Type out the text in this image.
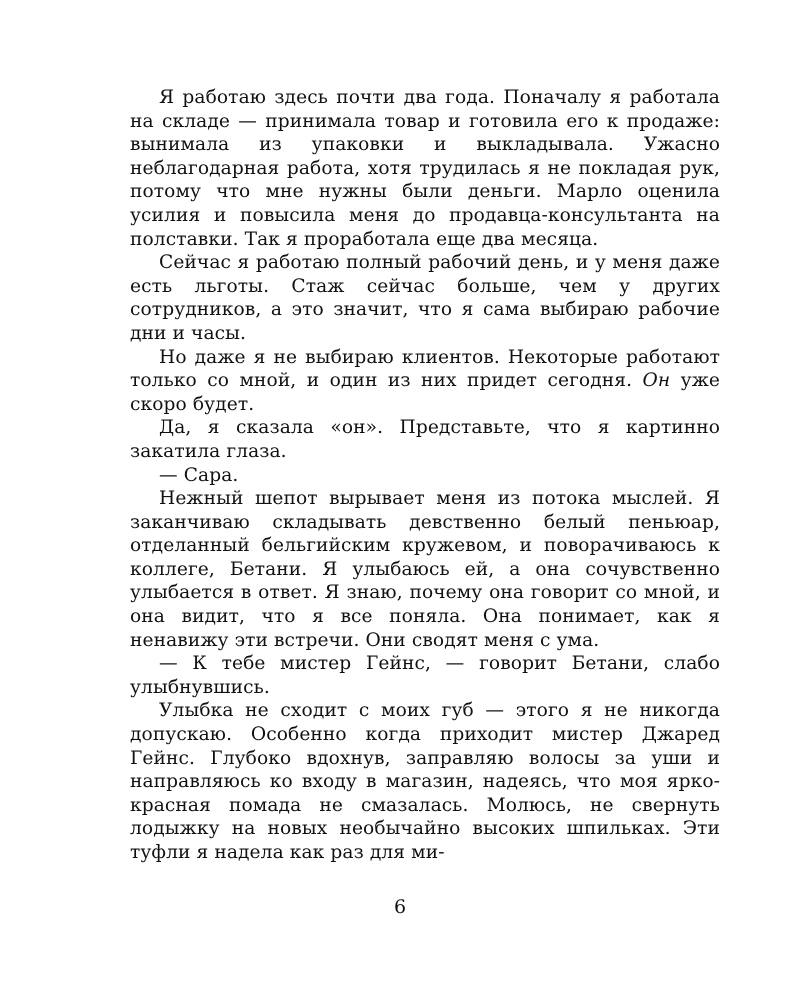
Я работаю здесь почти два года. Поначалу я работала на складе — принимала товар и готовила его к продаже: вынимала из упаковки и выкладывала. Ужасно неблагодарная работа, хотя трудилась я не покладая рук, потому что мне нужны были деньги. Марло оценила усилия и повысила меня до продавца-консультанта на полставки. Так я проработала еще два месяца.

Сейчас я работаю полный рабочий день, и у меня даже есть льготы. Стаж сейчас больше, чем у других сотрудников, а это значит, что я сама выбираю рабочие дни и часы.

Но даже я не выбираю клиентов. Некоторые работают только со мной, и один из них придет сегодня. Он уже скоро будет.

Да, я сказала «он». Представьте, что я картинно закатила глаза.

— Сара.

Нежный шепот вырывает меня из потока мыслей. Я заканчиваю складывать девственно белый пеньюар, отделанный бельгийским кружевом, и поворачиваюсь к коллеге, Бетани. Я улыбаюсь ей, а она сочувственно улыбается в ответ. Я знаю, почему она говорит со мной, и она видит, что я все поняла. Она понимает, как я ненавижу эти встречи. Они сводят меня с ума.

— К тебе мистер Гейнс, — говорит Бетани, слабо улыбнувшись.

Улыбка не сходит с моих губ — этого я не никогда допускаю. Особенно когда приходит мистер Джаред Гейнс. Глубоко вдохнув, заправляю волосы за уши и направляюсь ко входу в магазин, надеясь, что моя ярко-красная помада не смазалась. Молюсь, не свернуть лодыжку на новых необычайно высоких шпильках. Эти туфли я надела как раз для ми-

6
